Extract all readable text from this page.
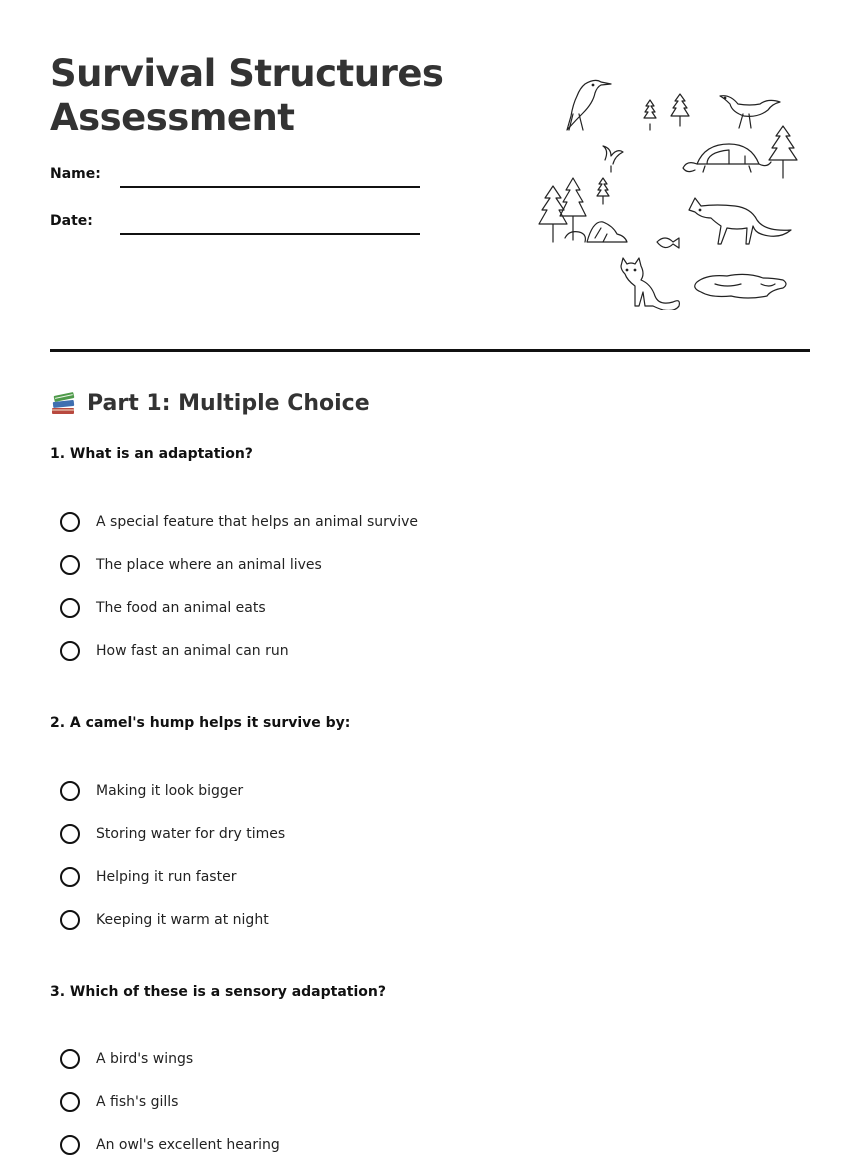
Survival Structures
Assessment
Name:
Date:
Part 1: Multiple Choice

1. What is an adaptation?

A special feature that helps an animal survive
The place where an animal lives
The food an animal eats
How fast an animal can run

2. A camel's hump helps it survive by:

Making it look bigger
Storing water for dry times
Helping it run faster
Keeping it warm at night

3. Which of these is a sensory adaptation?

A bird's wings
A fish's gills
An owl's excellent hearing
